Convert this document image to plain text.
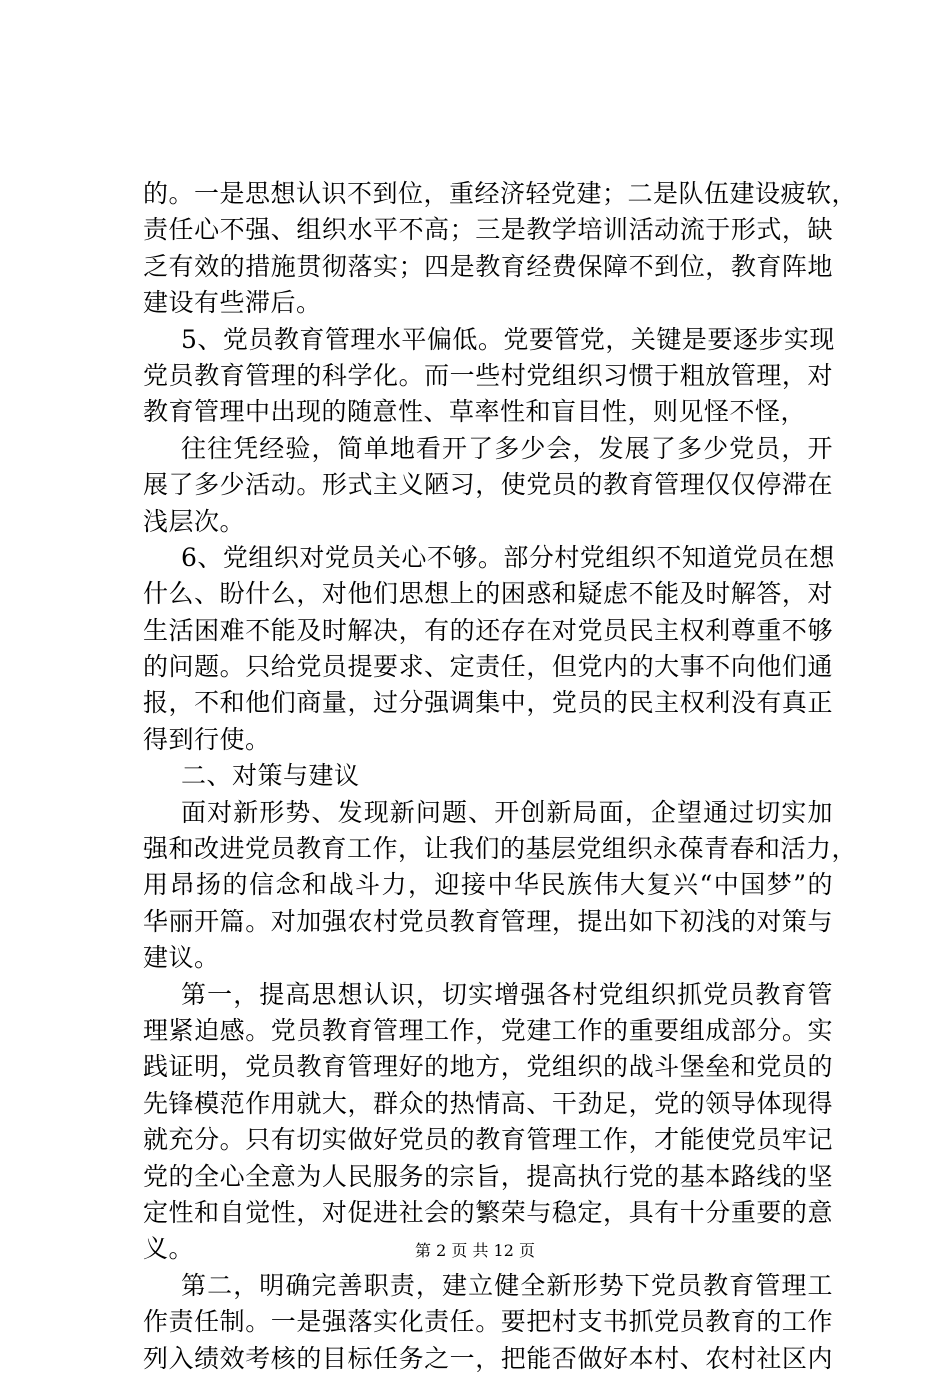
的。一是思想认识不到位，重经济轻党建；二是队伍建设疲软，
责任心不强、组织水平不高；三是教学培训活动流于形式，缺
乏有效的措施贯彻落实；四是教育经费保障不到位，教育阵地
建设有些滞后。
5、党员教育管理水平偏低。党要管党，关键是要逐步实现
党员教育管理的科学化。而一些村党组织习惯于粗放管理，对
教育管理中出现的随意性、草率性和盲目性，则见怪不怪，
往往凭经验，简单地看开了多少会，发展了多少党员，开
展了多少活动。形式主义陋习，使党员的教育管理仅仅停滞在
浅层次。
6、党组织对党员关心不够。部分村党组织不知道党员在想
什么、盼什么，对他们思想上的困惑和疑虑不能及时解答，对
生活困难不能及时解决，有的还存在对党员民主权利尊重不够
的问题。只给党员提要求、定责任，但党内的大事不向他们通
报，不和他们商量，过分强调集中，党员的民主权利没有真正
得到行使。
二、对策与建议
面对新形势、发现新问题、开创新局面，企望通过切实加
强和改进党员教育工作，让我们的基层党组织永葆青春和活力，
用昂扬的信念和战斗力，迎接中华民族伟大复兴“中国梦”的
华丽开篇。对加强农村党员教育管理，提出如下初浅的对策与
建议。
第一，提高思想认识，切实增强各村党组织抓党员教育管
理紧迫感。党员教育管理工作，党建工作的重要组成部分。实
践证明，党员教育管理好的地方，党组织的战斗堡垒和党员的
先锋模范作用就大，群众的热情高、干劲足，党的领导体现得
就充分。只有切实做好党员的教育管理工作，才能使党员牢记
党的全心全意为人民服务的宗旨，提高执行党的基本路线的坚
定性和自觉性，对促进社会的繁荣与稳定，具有十分重要的意
义。
第二，明确完善职责，建立健全新形势下党员教育管理工
作责任制。一是强落实化责任。要把村支书抓党员教育的工作
列入绩效考核的目标任务之一，把能否做好本村、农村社区内
第 2 页 共 12 页
